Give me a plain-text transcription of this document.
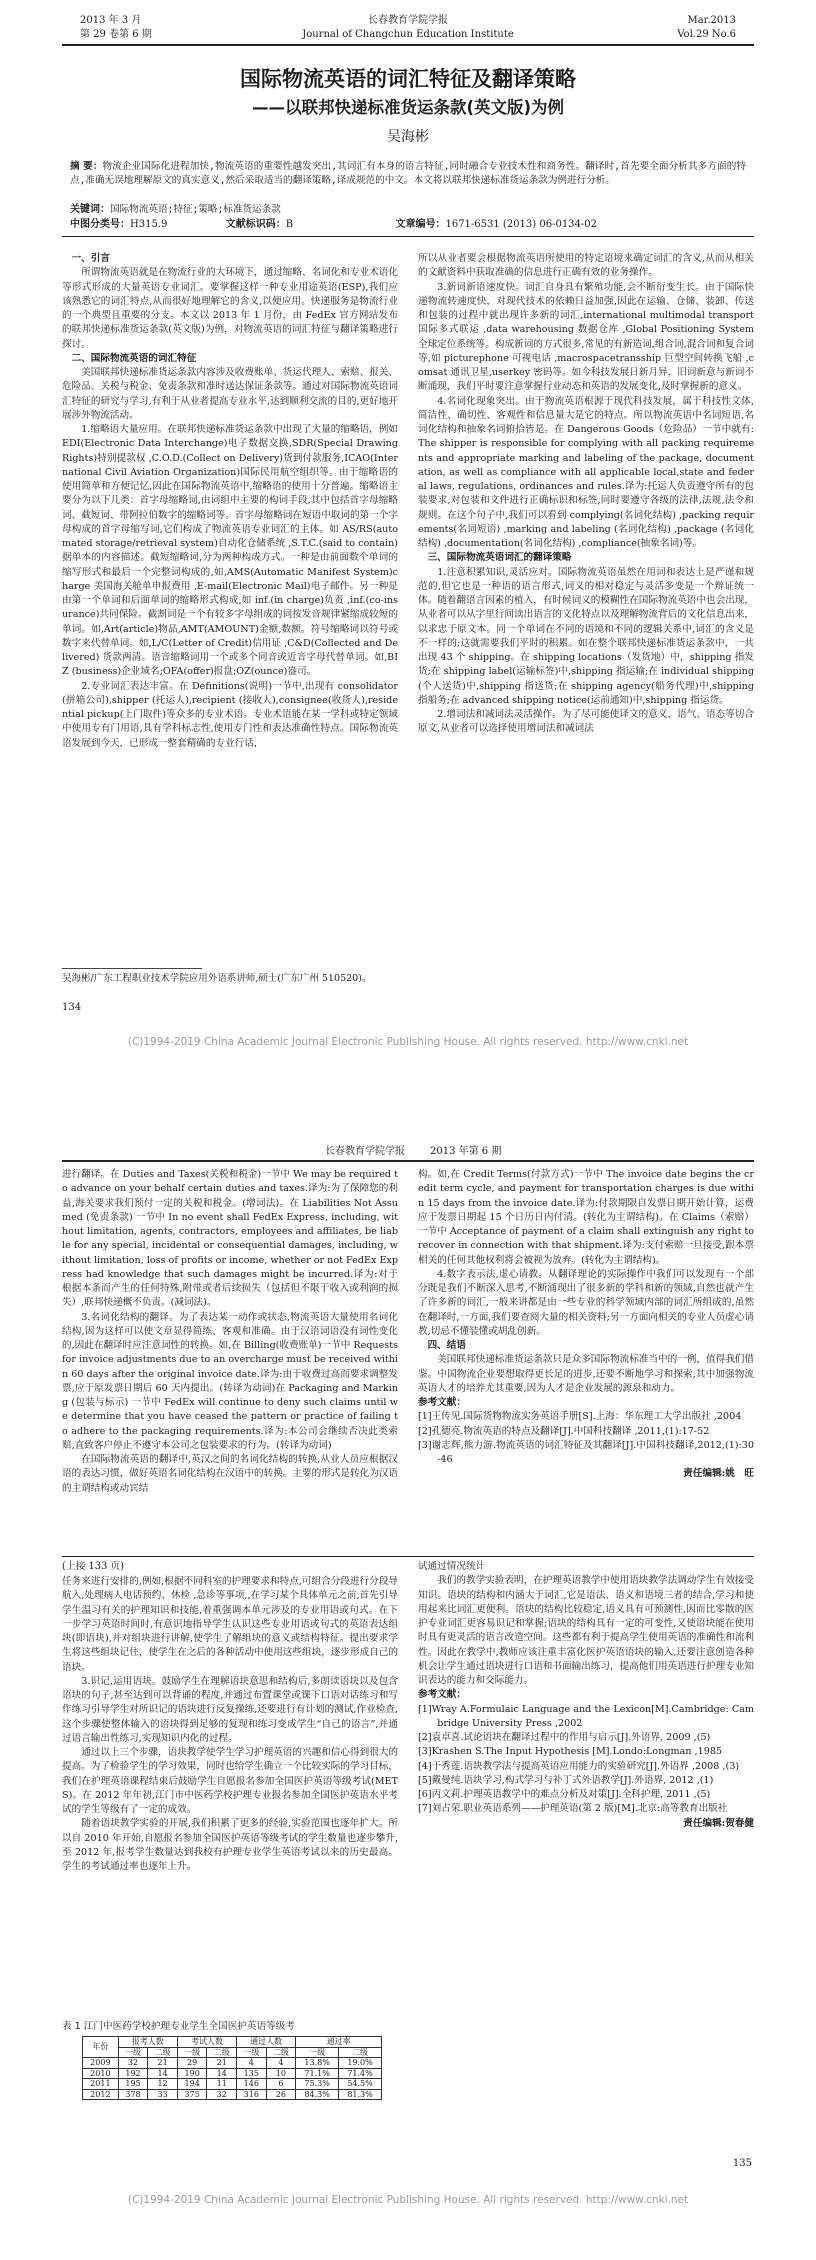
2013 年 3 月
第 29 卷第 6 期
长春教育学院学报
Journal of Changchun Education Institute
Mar.2013
Vol.29 No.6
国际物流英语的词汇特征及翻译策略
——以联邦快递标准货运条款(英文版)为例
吴海彬
摘 要：物流企业国际化进程加快,物流英语的重要性越发突出,其词汇有本身的语言特征,同时融合专业技术性和商务性。翻译时,首先要全面分析其多方面的特点,准确无误地理解原文的真实意义,然后采取适当的翻译策略,译成规范的中文。本文将以联邦快递标准货运条款为例进行分析。
关键词：国际物流英语;特征;策略;标准货运条款
中图分类号：H315.9	文献标识码：B	文章编号：1671-6531 (2013) 06-0134-02

一、引言

所谓物流英语就是在物流行业的大环境下，通过缩略、名词化和专业术语化等形式形成的大量英语专业词汇。要掌握这样一种专业用途英语(ESP),我们应该熟悉它的词汇特点,从而很好地理解它的含义,以便应用。快递服务是物流行业的一个典型且重要的分支。本文以 2013 年 1 月份，由 FedEx 官方网站发布的联邦快递标准货运条款(英文版)为例，对物流英语的词汇特征与翻译策略进行探讨。

二、国际物流英语的词汇特征

美国联邦快递标准货运条款内容涉及收费账单、货运代理人、索赔、报关、危险品、关税与税金、免责条款和准时送达保证条款等。通过对国际物流英语词汇特征的研究与学习,有利于从业者提高专业水平,达到顺利交流的目的,更好地开展涉外物流活动。

1.缩略语大量应用。在联邦快递标准货运条款中出现了大量的缩略语，例如 EDI(Electronic Data Interchange)电子数据交换,SDR(Special Drawing Rights)特别提款权 ,C.O.D.(Collect on Delivery)货到付款服务,ICAO(International Civil Aviation Organization)国际民用航空组织等。由于缩略语的使用简单和方便记忆,因此在国际物流英语中,缩略语的使用十分普遍。缩略语主要分为以下几类：首字母缩略词,由词组中主要的构词手段,其中包括首字母缩略词、截短词、带阿拉伯数字的缩略词等。首字母缩略词在短语中取词的第一个字母构成的首字母缩写词,它们构成了物流英语专业词汇的主体。如 AS/RS(automated storage/retrieval system)自动化仓储系统 ,S.T.C.(said to contain)据单本的内容描述。截短缩略词,分为两种构成方式。一种是由前面数个单词的缩写形式和最后一个完整词构成的,如,AMS(Automatic Manifest System)charge 美国海关舱单申报费用 ,E-mail(Electronic Mail)电子邮件。另一种是由第一个单词和后面单词的缩略形式构成,如 inf.(in charge)负责 ,inf.(co-insurance)共同保险。截割词是一个有较多字母组成的词按发音规律紧缩成较短的单词。如,Art(article)物品,AMT(AMOUNT)金额,数额。符号缩略词以符号或数字来代替单词。如,L/C(Letter of Credit)信用证 ,C&D(Collected and Delivered) 货款两清。语音缩略词用一个或多个同音或近音字母代替单词。如,BIZ (business)企业域名;OFA(offer)报盘;OZ(ounce)盎司。

2.专业词汇表达丰富。在 Definitions(说明)一节中,出现有 consolidator (拼箱公司),shipper (托运人),recipient (接收人),consignee(收货人),residential pickup(上门取件)等众多的专业术语。专业术语能在某一学科或特定领域中使用专有门用语,具有学科标志性,使用专门性和表达准确性特点。国际物流英语发展到今天，已形成一整套精确的专业行话，

所以从业者要会根据物流英语所使用的特定语境来确定词汇的含义,从而从相关的文献资料中获取准确的信息进行正确有效的业务操作。

3.新词新语速度快。词汇自身具有繁殖功能,会不断衍变生长。由于国际快递物流转速度快，对现代技术的依赖日益加强,因此在运输、仓储、装卸、传送和包装的过程中就出现许多新的词汇,international multimodal transport 国际多式联运 ,data warehousing 数据仓库 ,Global Positioning System 全球定位系统等。构成新词的方式很多,常见的有新造词,组合词,混合词和复合词等,如 picturephone 可视电话 ,macrospacetransship 巨型空间转换飞船 ,comsat 通讯卫星,userkey 密码等。如今科技发展日新月异，旧词新意与新词不断涌现，我们平时要注意掌握行业动态和英语的发展变化,及时掌握新的意义。

4.名词化现象突出。由于物流英语根源于现代科技发展，属于科技性文体,简洁性、确切性、客观性和信息量大是它的特点。所以物流英语中名词短语,名词化结构和抽象名词俯拾皆是。在 Dangerous Goods（危险品）一节中就有:The shipper is responsible for complying with all packing requirements and appropriate marking and labeling of the package, documentation, as well as compliance with all applicable local,state and federal laws, regulations, ordinances and rules.译为:托运人负责遵守所有的包装要求,对包装和文件进行正确标识和标签,同时要遵守各级的法律,法规,法令和规则。在这个句子中,我们可以看到 complying(名词化结构) ,packing requirements(名词短语) ,marking and labeling (名词化结构) ,package (名词化结构) ,documentation(名词化结构) ,compliance(抽象名词)等。

三、国际物流英语词汇的翻译策略

1.注意积累知识,灵活应对。国际物流英语虽然在用词和表达上是严谨和规范的,但它也是一种语的语言形式,词义的相对稳定与灵活多变是一个辩证统一体。随着翻语言因素的植入，有时候词义的模糊性在国际物流英语中也会出现，从业者可以从字里行间读出语言的文化特点以及理解物流背后的文化信息出来，以求忠于原文本。同一个单词在不同的语境和不同的逻辑关系中,词汇的含义是不一样的;这就需要我们平时的积累。如在整个联邦快递标准货运条款中，一共出现 43 个 shipping。在 shipping locations（发货地）中，shipping 指发货;在 shipping label(运输标签)中,shipping 指运输;在 individual shipping(个人送货)中,shipping 指送货;在 shipping agency(船务代理)中,shipping 指船务;在 advanced shipping notice(运前通知)中,shipping 指运货。

2.增词法和减词法灵活操作。为了尽可能使译文的意义、语气、语态等切合原文,从业者可以选择使用增词法和减词法

吴海彬/广东工程职业技术学院应用外语系讲师,硕士(广东广州 510520)。
134
(C)1994-2019 China Academic Journal Electronic Publishing House. All rights reserved. http://www.cnki.net
长春教育学院学报	2013 年第 6 期

进行翻译。在 Duties and Taxes(关税和税金)一节中 We may be required to advance on your behalf certain duties and taxes.译为:为了保障您的利益,海关要求我们预付一定的关税和税金。(增词法)。在 Liabilities Not Assumed (免责条款) 一节中 In no event shall FedEx Express, including, without limitation, agents, contractors, employees and affiliates, be liable for any special, incidental or consequential damages, including, without limitation, loss of profits or income, whether or not FedEx Express had knowledge that such damages might be incurred.译为:对于根据本条而产生的任何特殊,附带或者后续损失（包括但不限于收入或利润的损失）,联邦快递概不负责。(减词法)。

3.名词化结构的翻译。为了表达某一动作或状态,物流英语大量使用名词化结构,因为这样可以使文章显得简练、客观和准确。由于汉语词语没有词性变化的,因此在翻译时应注意词性的转换。如,在 Billing(收费账单)一节中 Requests for invoice adjustments due to an overcharge must be received within 60 days after the original invoice date.译为:由于收费过高而要求调整发票,应于原发票日期后 60 天内提出。(转译为动词)在 Packaging and Marking (包装与标示) 一节中 FedEx will continue to deny such claims until we determine that you have ceased the pattern or practice of failing to adhere to the packaging requirements.译为:本公司会继续否决此类索赔,直致客户停止不遵守本公司之包装要求的行为。(转译为动词)

在国际物流英语的翻译中,英汉之间的名词化结构的转换,从业人员应根据汉语的表达习惯，做好英语名词化结构在汉语中的转换。主要的形式是转化为汉语的主谓结构或动宾结

构。如,在 Credit Terms(付款方式)一节中 The invoice date begins the credit term cycle, and payment for transportation charges is due within 15 days from the invoice date.译为:付款期限自发票日期开始计算，运费应于发票日期起 15 个日历日内付清。(转化为主谓结构)。在 Claims（索赔）一节中 Acceptance of payment of a claim shall extinguish any right to recover in connection with that shipment.译为:支付索赔一旦接受,跟本票相关的任何其他权利将会被视为放弃。(转化为主谓结构)。

4.数字表示法,虚心请教。从翻译理论的实际操作中我们可以发现有一个部分既是我们不断深入思考,不断涌现出了很多新的学科和新的领域,自然也就产生了许多新的词汇,一般来讲都是由一些专业的科学领域内部的词汇所组成的,虽然在翻译时,一方面,我们要查阅大量的相关资料;另一方面向相关的专业人员虚心请教,切忌不懂装懂或胡乱创新。

四、结语

美国联邦快递标准货运条款只是众多国际物流标准当中的一例，值得我们借鉴。中国物流企业要想取得更长足的进步,还要不断地学习和探索,其中加强物流英语人才的培养尤其重要,因为人才是企业发展的源泉和动力。

参考文献：

[1]王传见.国际货物物流实务英语手册[S].上海：华东理工大学出版社 ,2004

[2]孔德亮.物流英语的特点及翻译[J].中国科技翻译 ,2011,(1):17-52

[3]谢志辉,熊力游.物流英语的词汇特征及其翻译[J].中国科技翻译,2012,(1):30-46

责任编辑:姚　旺

(上接 133 页)

任务来进行安排的,例如,根据不同科室的护理要求和特点,可组合分段进行分段导航入,处理病人电话预约、休检 ,急诊等事项,,在学习某个具体单元之前,首先引导学生温习有关的护理知识和技能,着重强调本单元涉及的专业用语或句式。在下一步学习英语时间时,有意识地指导学生认识这些专业用语或句式的英语表达组块(即语块),并对组块进行讲解,使学生了解组块的意义或结构特征。提出要求学生将这些组块记住，使学生在之后的各种活动中使用这些组块，逐步形成自己的语块。

3.识记,运用语块。鼓励学生在理解语块意思和结构后,多朗读语块以及包含语块的句子,甚至达到可以背诵的程度,并通过布置课堂或课下口语对话练习和写作练习引导学生对所识记的语块进行反复操练,还要进行有计划的测试,作业检查,这个步骤使整体输入的语块得到足够的复现和练习变成学生“自己的语言”,并通过语言输出性练习,实现知识内化的过程。

通过以上三个步骤，语块教学使学生学习护理英语的兴趣和信心得到很大的提高。为了检验学生的学习效果，同时也给学生确立一个比较实际的学习目标，我们在护理英语课程结束后鼓励学生自愿报名参加全国医护英语等级考试(METS)。在 2012 年年初,江门市中医药学校护理专业报名参加全国医护英语水平考试的学生等级有了一定的成效。

随着语块教学实验的开展,我们积累了更多的经验,实验范围也逐年扩大。所以自 2010 年开始,自愿报名参加全国医护英语等级考试的学生数量也逐步攀升,至 2012 年,报考学生数量达到我校有护理专业学生英语考试以来的历史最高。学生的考试通过率也逐年上升。

试通过情况统计

我们的教学实验表明，在护理英语教学中使用语块教学法调动学生有效接受知识。语块的结构和内涵大于词汇,它是语法、语义和语境三者的结合,学习和使用起来比词汇更便利。语块的结构比较稳定,语义具有可预测性,因而比零散的医护专业词汇更容易识记和掌握;语块的结构具有一定的可变性,又使语块能在使用时具有更灵活的语言改造空间。这些都有利于提高学生使用英语的准确性和流利性。因此在教学中,教师应该注重丰富化医护英语语块的输入,还要注意创造各种机会让学生通过语块进行口语和书面输出练习，提高他们用英语进行护理专业知识表达的能力和交际能力。

参考文献：

[1]Wray A.Formulaic Language and the Lexicon[M].Cambridge: Cambridge University Press ,2002

[2]袁卓喜.试论语块在翻译过程中的作用与启示[J].外语界, 2009 ,(5)

[3]Krashen S.The Input Hypothesis [M].Londo:Longman ,1985

[4]于秀莲.语块教学法与提高英语应用能力的实验研究[J].外语界 ,2008 ,(3)

[5]戴曼纯.语块学习,构式学习与补丁式外语教学[J].外语界, 2012 ,(1)

[6]丙文莉.护理英语教学中的难点分析及对策[J].全科护理, 2011 ,(5)

[7]刘占荣.职业英语系列——护理英语(第 2 版)[M].北京:高等教育出版社

责任编辑:贺春健

表 1 江门中医药学校护理专业学生全国医护英语等级考
年份	报考人数		考试人数		通过人数		通过率	
	一级	二级	一级	二级	一级	二级	一级	二级
2009	32	21	29	21	4	4	13.8%	19.0%
2010	192	14	190	14	135	10	71.1%	71.4%
2011	195	12	194	11	146	6	75.3%	54.5%
2012	378	33	375	32	316	26	84.3%	81.3%
135
(C)1994-2019 China Academic Journal Electronic Publishing House. All rights reserved. http://www.cnki.net
